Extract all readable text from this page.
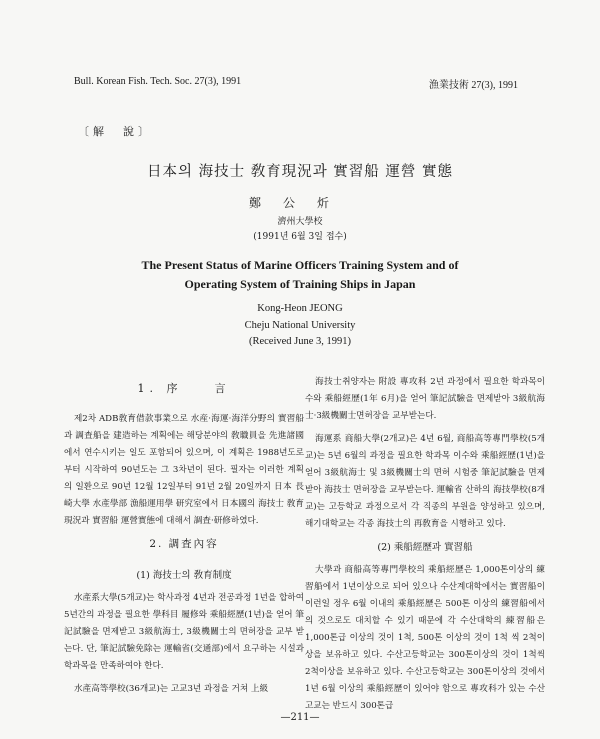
Bull. Korean Fish. Tech. Soc. 27(3), 1991	漁業技術 27(3), 1991
〔解　說〕
日本의 海技士 敎育現況과 實習船 運營 實態
鄭公炘
濟州大學校
(1991년 6월 3일 접수)
The Present Status of Marine Officers Training System and of
Operating System of Training Ships in Japan
Kong-Heon JEONG
Cheju National University
(Received June 3, 1991)
1. 序　　言

제2차 ADB敎育借款事業으로 水産·海運·海洋分野의 實習船과 調査船을 建造하는 계획에는 해당분야의 敎職員을 先進諸國에서 연수시키는 일도 포함되어 있으며, 이 계획은 1988년도로부터 시작하여 90년도는 그 3차년이 된다. 필자는 이러한 계획의 일환으로 90년 12월 12일부터 91년 2월 20일까지 日本 長崎大學 水產學部 漁船運用學 研究室에서 日本國의 海技士 敎育現況과 實習船 運營實態에 대해서 調査·研修하였다.

2. 調査內容
(1) 海技士의 敎育制度

水產系大學(5개교)는 학사과정 4년과 전공과정 1년을 합하여 5년간의 과정을 필요한 學科目 履修와 乘船經歷(1년)을 얻어 筆記試驗을 면제받고 3級航海士, 3級機關士의 면허장을 교부 받는다. 단, 筆記試驗免除는 運輸省(交通部)에서 요구하는 시설과 학과목을 만족하여야 한다.

水產高等學校(36개교)는 고교3년 과정을 거쳐 上級

海技士취양자는 附設 專攻科 2년 과정에서 필요한 학과목이수와 乘船經歷(1年 6月)을 얻어 筆記試驗을 면제받아 3級航海士·3級機關士면허장을 교부받는다.

海運系 商船大學(2개교)은 4년 6월, 商船高等專門學校(5개교)는 5년 6월의 과정을 필요한 학과목 이수와 乘船經歷(1년)을 얻어 3級航海士 및 3級機關士의 면허 시험중 筆記試驗을 면제받아 海技士 면허장을 교부받는다. 運輸省 산하의 海技學校(8개교)는 고등학교 과정으로서 각 직종의 부원을 양성하고 있으며, 해기대학교는 각종 海技士의 再敎育을 시행하고 있다.

(2) 乘船經歷과 實習船

大學과 商船高等專門學校의 乘船經歷은 1,000톤이상의 練習船에서 1년이상으로 되어 있으나 수산계대학에서는 實習船이 이런일 정우 6월 이내의 乘船經歷은 500톤 이상의 練習船에서의 것으로도 대치할 수 있기 때문에 각 수산대학의 練習船은 1,000톤급 이상의 것이 1척, 500톤 이상의 것이 1척 씩 2척이상을 보유하고 있다. 수산고등학교는 300톤이상의 것이 1척씩 2척이상을 보유하고 있다. 수산고등학교는 300톤이상의 것에서 1년 6월 이상의 乘船經歷이 있어야 함으로 專攻科가 있는 수산고교는 반드시 300톤급

—211—
